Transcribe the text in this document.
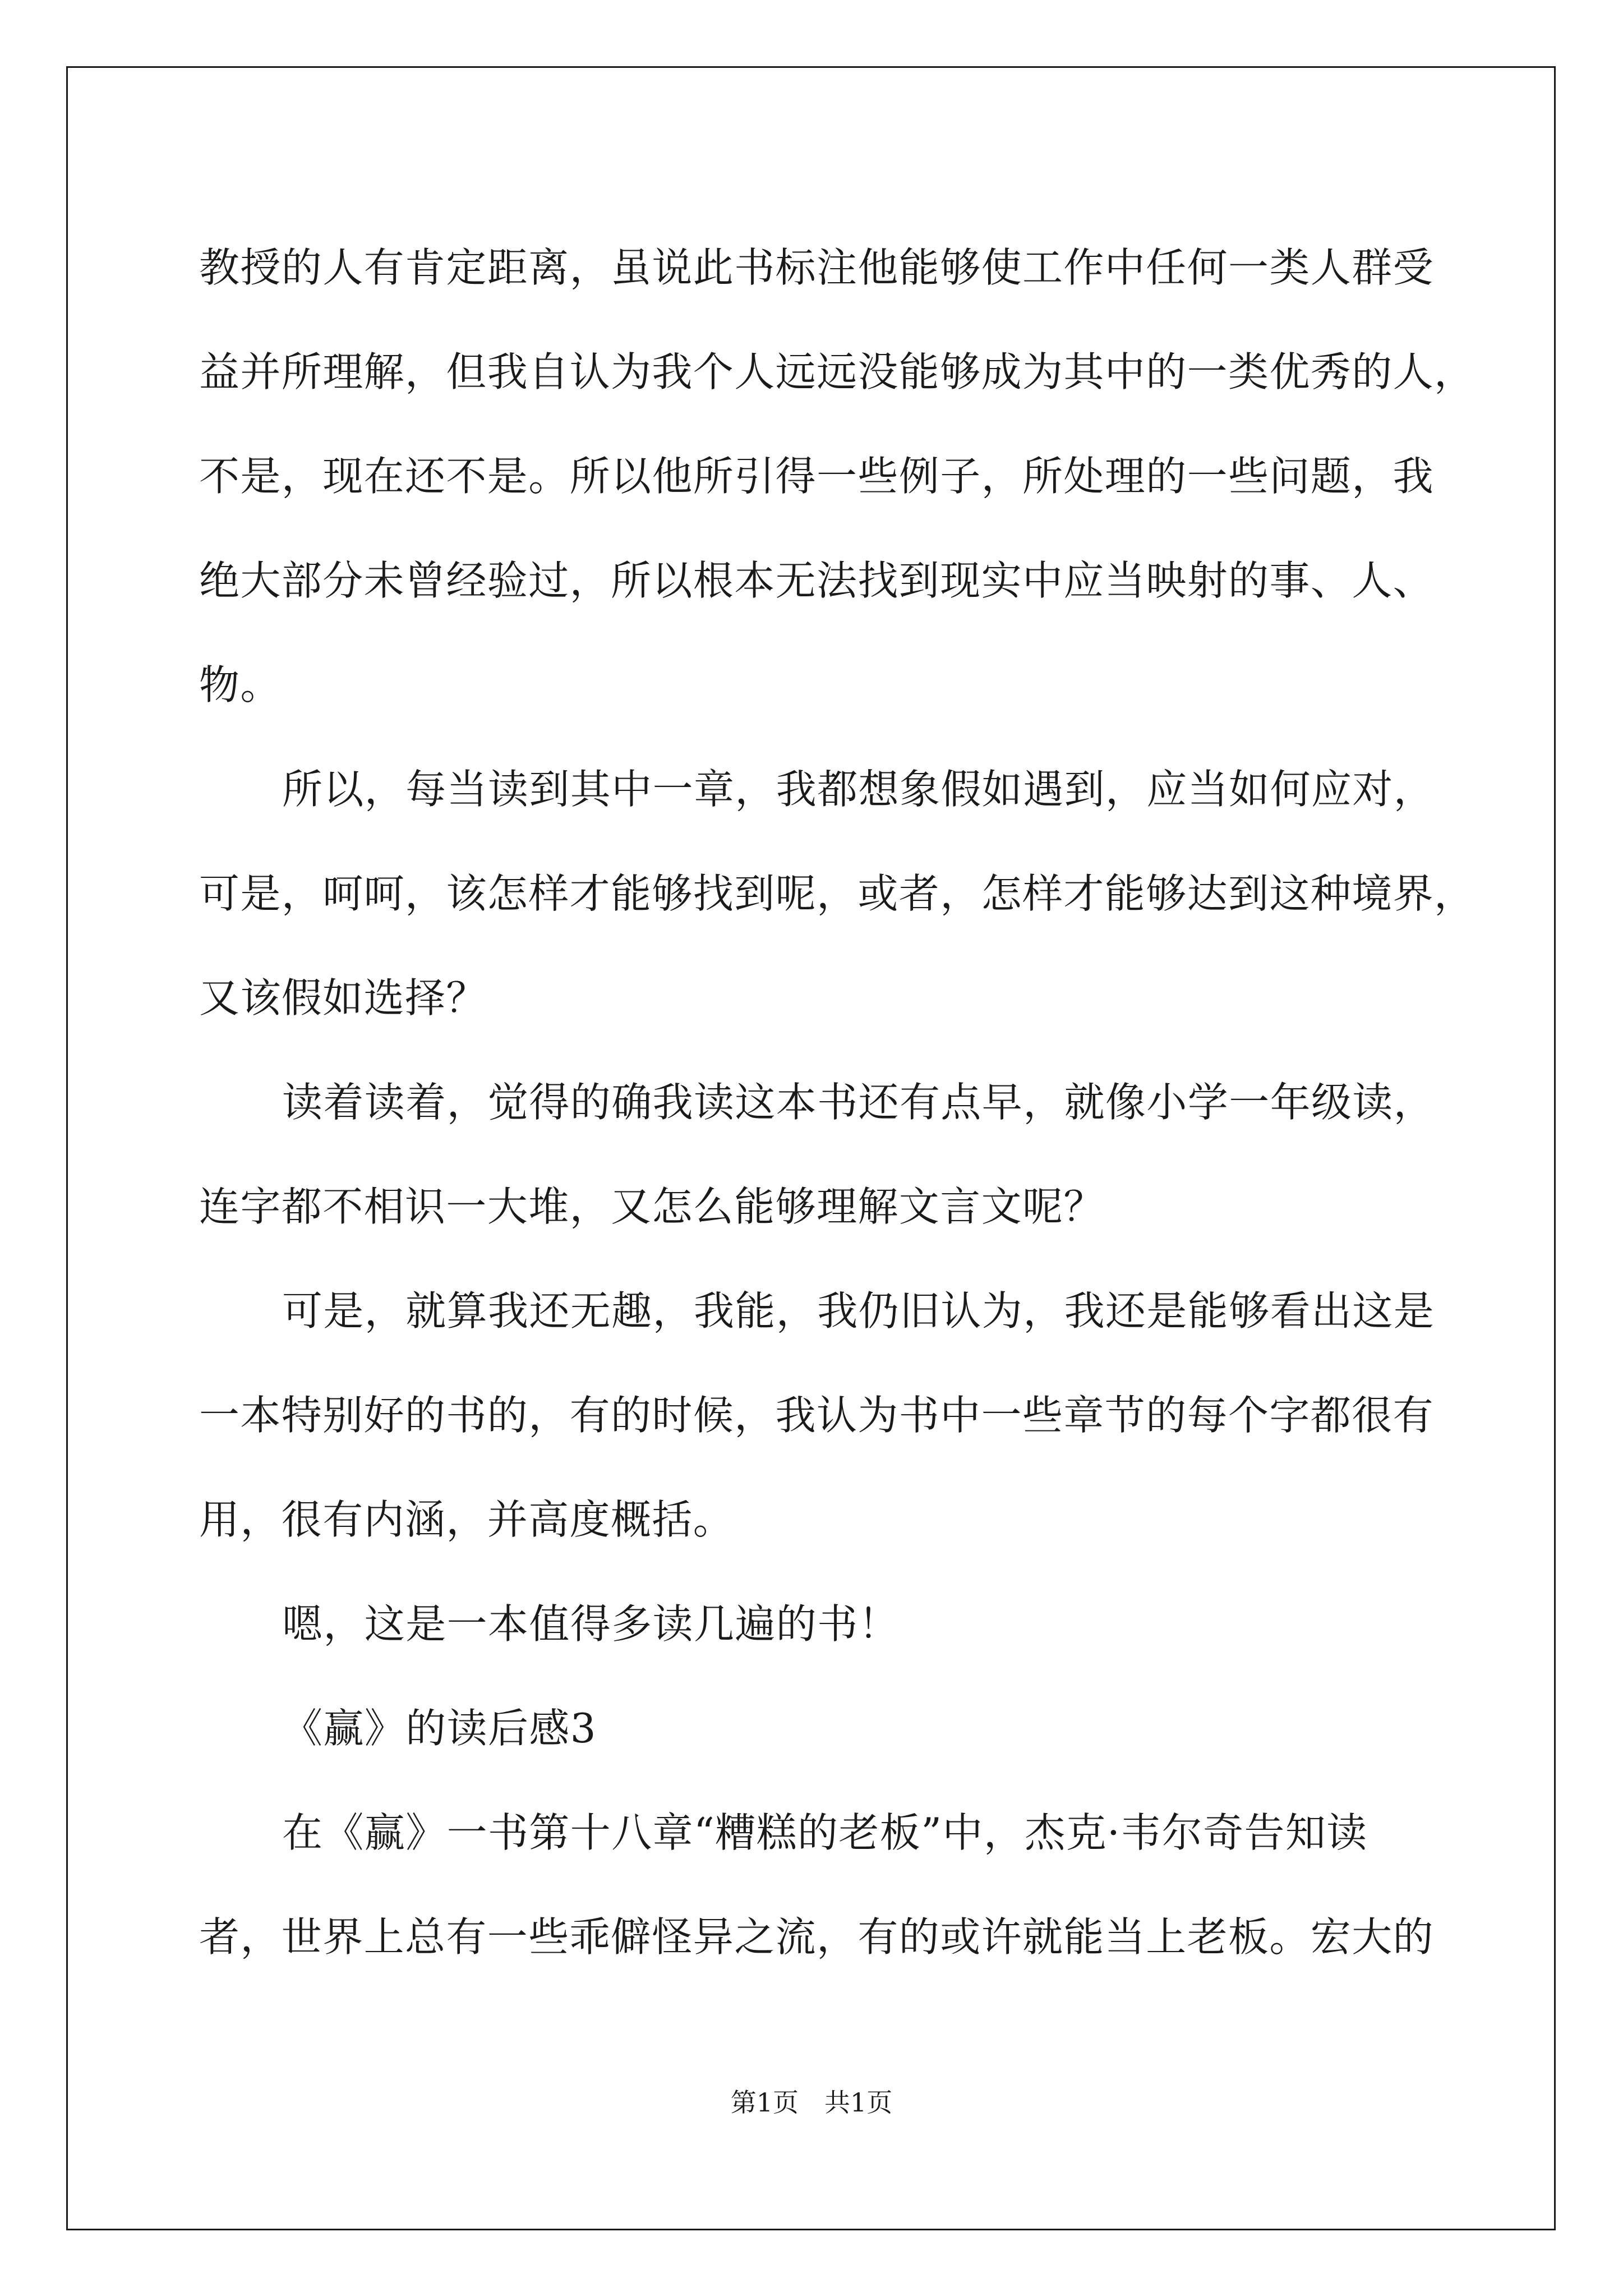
教授的人有肯定距离，虽说此书标注他能够使工作中任何一类人群受

益并所理解，但我自认为我个人远远没能够成为其中的一类优秀的人，

不是，现在还不是。所以他所引得一些例子，所处理的一些问题，我

绝大部分未曾经验过，所以根本无法找到现实中应当映射的事、人、

物。

所以，每当读到其中一章，我都想象假如遇到，应当如何应对，

可是，呵呵，该怎样才能够找到呢，或者，怎样才能够达到这种境界，

又该假如选择？

读着读着，觉得的确我读这本书还有点早，就像小学一年级读，

连字都不相识一大堆，又怎么能够理解文言文呢？

可是，就算我还无趣，我能，我仍旧认为，我还是能够看出这是

一本特别好的书的，有的时候，我认为书中一些章节的每个字都很有

用，很有内涵，并高度概括。

嗯，这是一本值得多读几遍的书！

《赢》的读后感3

在《赢》一书第十八章“糟糕的老板”中，杰克·韦尔奇告知读

者，世界上总有一些乖僻怪异之流，有的或许就能当上老板。宏大的

第1页　共1页
